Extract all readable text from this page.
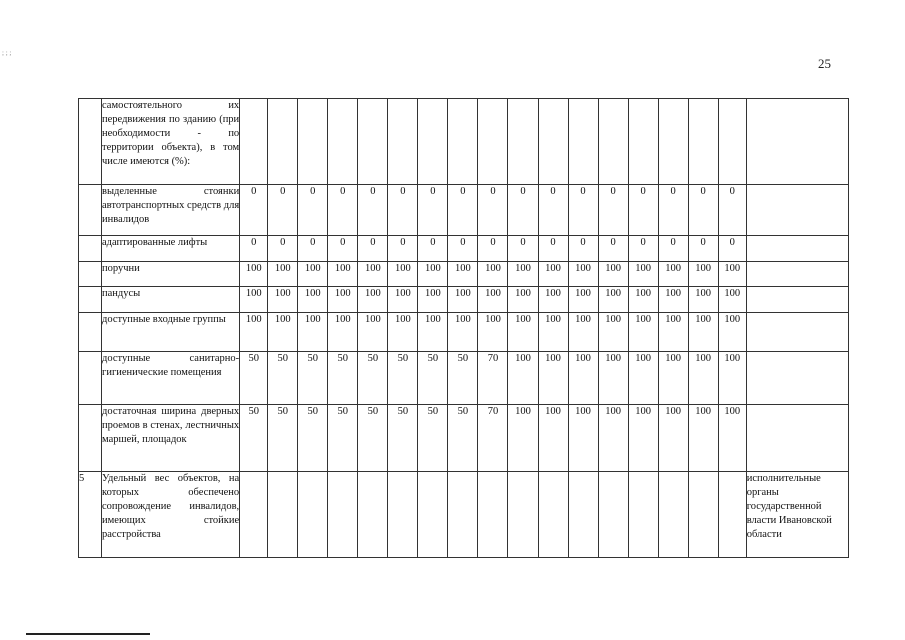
25
; ; ;
	самостоятельного их передвижения по зданию (при необходимости - по территории объекта), в том числе имеются (%):																		
	выделенные стоянки автотранспортных средств для инвалидов	0	0	0	0	0	0	0	0	0	0	0	0	0	0	0	0	0	
	адаптированные лифты	0	0	0	0	0	0	0	0	0	0	0	0	0	0	0	0	0	
	поручни	100	100	100	100	100	100	100	100	100	100	100	100	100	100	100	100	100	
	пандусы	100	100	100	100	100	100	100	100	100	100	100	100	100	100	100	100	100	
	доступные входные группы	100	100	100	100	100	100	100	100	100	100	100	100	100	100	100	100	100	
	доступные санитарно-гигиенические помещения	50	50	50	50	50	50	50	50	70	100	100	100	100	100	100	100	100	
	достаточная ширина дверных проемов в стенах, лестничных маршей, площадок	50	50	50	50	50	50	50	50	70	100	100	100	100	100	100	100	100	
5	Удельный вес объектов, на которых обеспечено сопровождение инвалидов, имеющих стойкие расстройства																		исполнительные органы государственной власти Ивановской области
